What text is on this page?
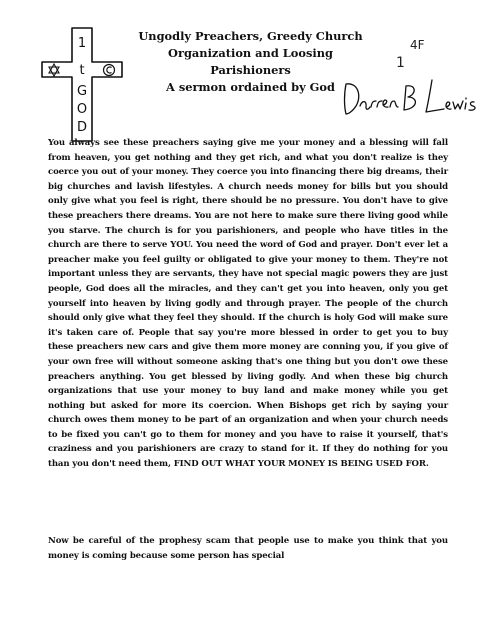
1
t
G
O
D
Ungodly Preachers, Greedy Church
Organization and Loosing
Parishioners
A sermon ordained by God
4F
1

You always see these preachers saying give me your money and a blessing will fall from heaven, you get nothing and they get rich, and what you don't realize is they coerce you out of your money. They coerce you into financing there big dreams, their big churches and lavish lifestyles. A church needs money for bills but you should only give what you feel is right, there should be no pressure. You don't have to give these preachers there dreams. You are not here to make sure there living good while you starve. The church is for you parishioners, and people who have titles in the church are there to serve YOU. You need the word of God and prayer. Don't ever let a preacher make you feel guilty or obligated to give your money to them. They're not important unless they are servants, they have not special magic powers they are just people, God does all the miracles, and they can't get you into heaven, only you get yourself into heaven by living godly and through prayer. The people of the church should only give what they feel they should. If the church is holy God will make sure it's taken care of. People that say you're more blessed in order to get you to buy these preachers new cars and give them more money are conning you, if you give of your own free will without someone asking that's one thing but you don't owe these preachers anything. You get blessed by living godly. And when these big church organizations that use your money to buy land and make money while you get nothing but asked for more its coercion. When Bishops get rich by saying your church owes them money to be part of an organization and when your church needs to be fixed you can't go to them for money and you have to raise it yourself, that's craziness and you parishioners are crazy to stand for it. If they do nothing for you than you don't need them, FIND OUT WHAT YOUR MONEY IS BEING USED FOR.

Now be careful of the prophesy scam that people use to make you think that you money is coming because some person has special
